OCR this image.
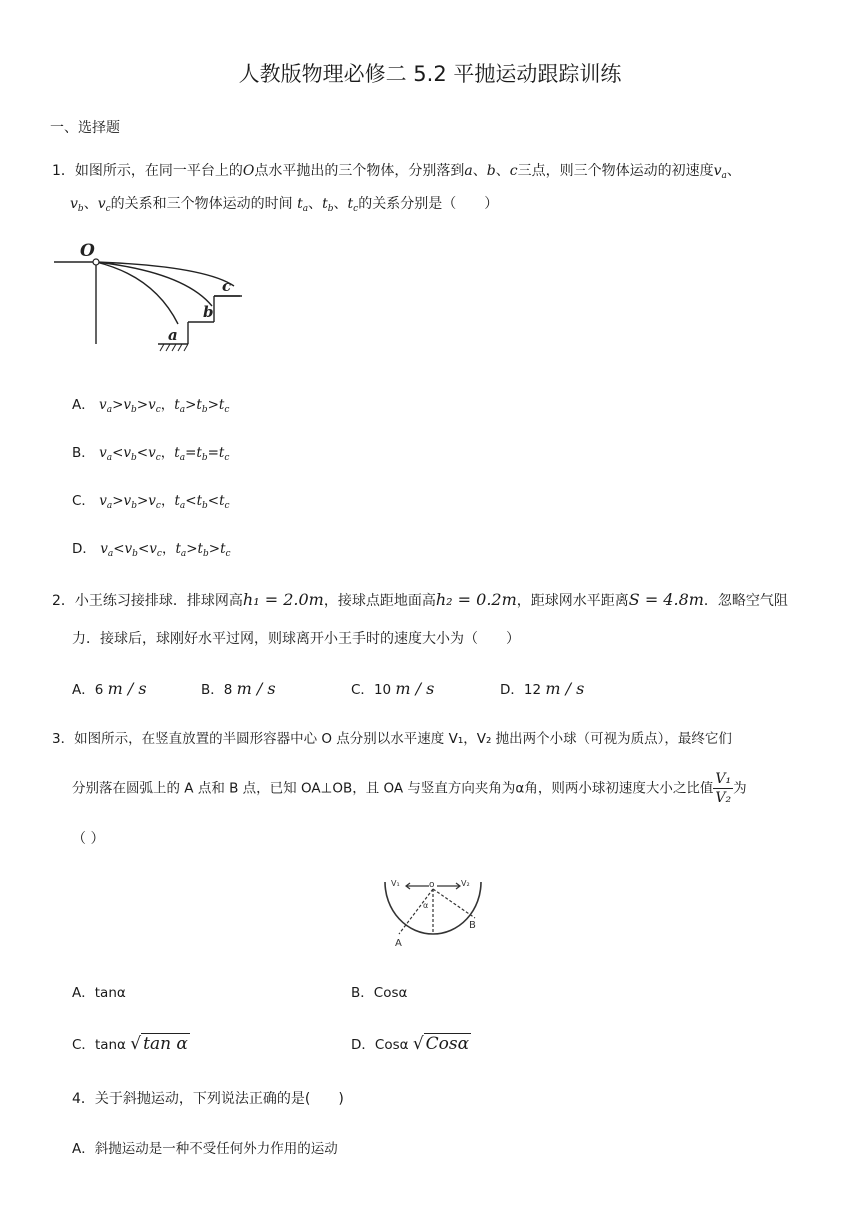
人教版物理必修二 5.2 平抛运动跟踪训练
一、选择题
1．如图所示，在同一平台上的O点水平抛出的三个物体，分别落到a、b、c三点，则三个物体运动的初速度$v_a$、
$v_b$、$v_c$的关系和三个物体运动的时间 $t_a$、$t_b$、$t_c$的关系分别是（　　）
O
a
b
c
A． $v_a>v_b>v_c$，$t_a>t_b>t_c$
B． $v_a<v_b<v_c$，$t_a=t_b=t_c$
C． $v_a>v_b>v_c$，$t_a<t_b<t_c$
D． $v_a<v_b<v_c$，$t_a>t_b>t_c$
2．小王练习接排球．排球网高h₁ = 2.0m，接球点距地面高h₂ = 0.2m，距球网水平距离S = 4.8m．忽略空气阻
力．接球后，球刚好水平过网，则球离开小王手时的速度大小为（　　）
A．6 m / s	B．8 m / s	C．10 m / s	D．12 m / s
3．如图所示，在竖直放置的半圆形容器中心 O 点分别以水平速度 V₁，V₂ 抛出两个小球（可视为质点），最终它们
分别落在圆弧上的 A 点和 B 点，已知 OA⊥OB，且 OA 与竖直方向夹角为α角，则两小球初速度大小之比值 $\frac{\text{V₁}}{\text{V₂}}$ 为
（ ）
V₁	o	V₂
α
A
B
A．tanα	B．Cosα
C．tanα √ tan α	D．Cosα √ Cosα
4．关于斜抛运动，下列说法正确的是(　　)
A．斜抛运动是一种不受任何外力作用的运动
